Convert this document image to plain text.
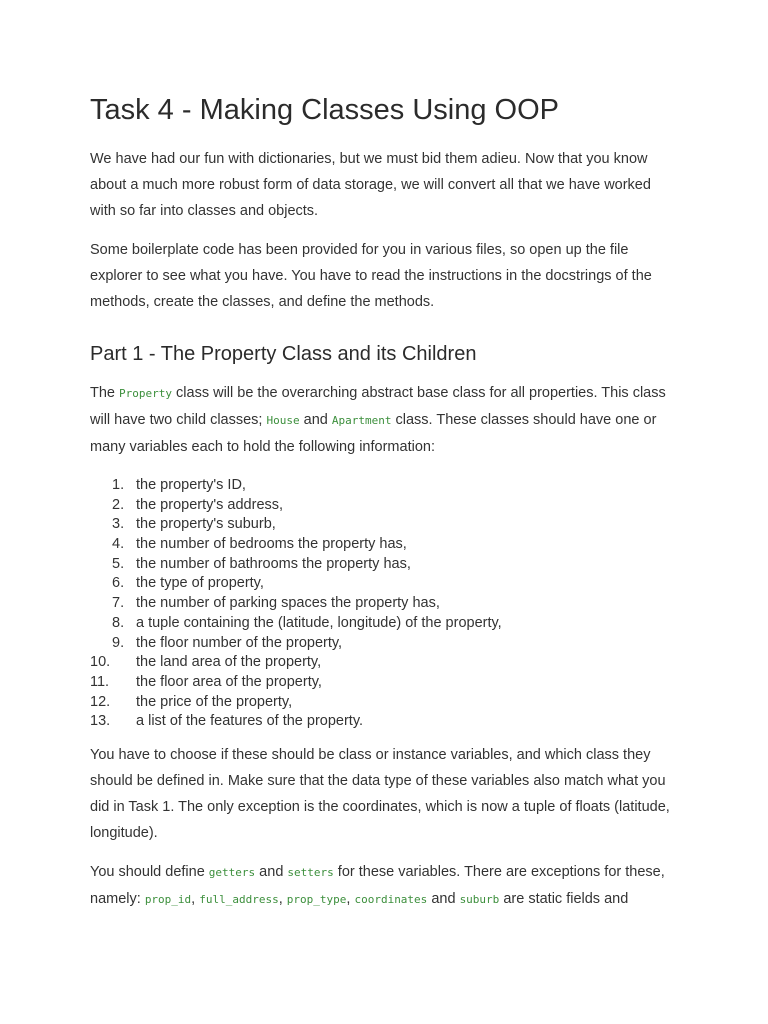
Task 4 - Making Classes Using OOP

We have had our fun with dictionaries, but we must bid them adieu. Now that you know about a much more robust form of data storage, we will convert all that we have worked with so far into classes and objects.

Some boilerplate code has been provided for you in various files, so open up the file explorer to see what you have. You have to read the instructions in the docstrings of the methods, create the classes, and define the methods.

Part 1 - The Property Class and its Children

The Property class will be the overarching abstract base class for all properties. This class will have two child classes; House and Apartment class. These classes should have one or many variables each to hold the following information:

1. the property's ID,
2. the property's address,
3. the property's suburb,
4. the number of bedrooms the property has,
5. the number of bathrooms the property has,
6. the type of property,
7. the number of parking spaces the property has,
8. a tuple containing the (latitude, longitude) of the property,
9. the floor number of the property,
10. the land area of the property,
11.	the floor area of the property,
12. the price of the property,
13. a list of the features of the property.

You have to choose if these should be class or instance variables, and which class they should be defined in. Make sure that the data type of these variables also match what you did in Task 1. The only exception is the coordinates, which is now a tuple of floats (latitude, longitude).

You should define getters and setters for these variables. There are exceptions for these, namely: prop_id, full_address, prop_type, coordinates and suburb are static fields and
